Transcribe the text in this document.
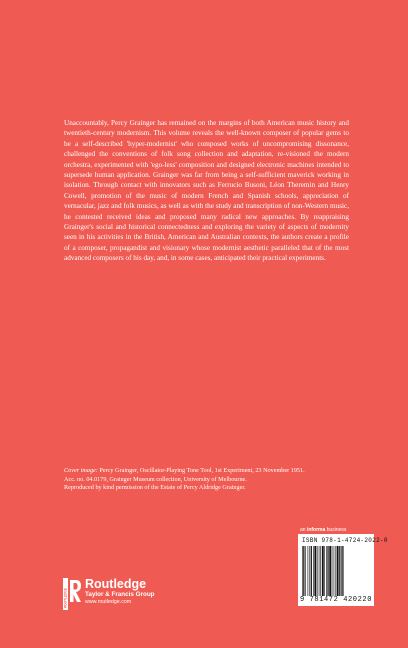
Unaccountably, Percy Grainger has remained on the margins of both American music history and twentieth-century modernism. This volume reveals the well-known composer of popular gems to be a self-described 'hyper-modernist' who composed works of uncompromising dissonance, challenged the conventions of folk song collection and adaptation, re-visioned the modern orchestra, experimented with 'ego-less' composition and designed electronic machines intended to supersede human application. Grainger was far from being a self-sufficient maverick working in isolation. Through contact with innovators such as Ferrucio Busoni, Léon Theremin and Henry Cowell, promotion of the music of modern French and Spanish schools, appreciation of vernacular, jazz and folk musics, as well as with the study and transcription of non-Western music, he contested received ideas and proposed many radical new approaches. By reappraising Grainger's social and historical connectedness and exploring the variety of aspects of modernity seen in his activities in the British, American and Australian contexts, the authors create a profile of a composer, propagandist and visionary whose modernist aesthetic paralleled that of the most advanced composers of his day, and, in some cases, anticipated their practical experiments.

Cover image: Percy Grainger, Oscillator-Playing Tone Tool, 1st Experiment, 23 November 1951.
Acc. no. 04.0179, Grainger Museum collection, University of Melbourne.
Reproduced by kind permission of the Estate of Percy Aldridge Grainger.
an informa business
ISBN 978-1-4724-2022-0
9 781472 420220
ROUTLEDGE
Routledge
Taylor & Francis Group
www.routledge.com
